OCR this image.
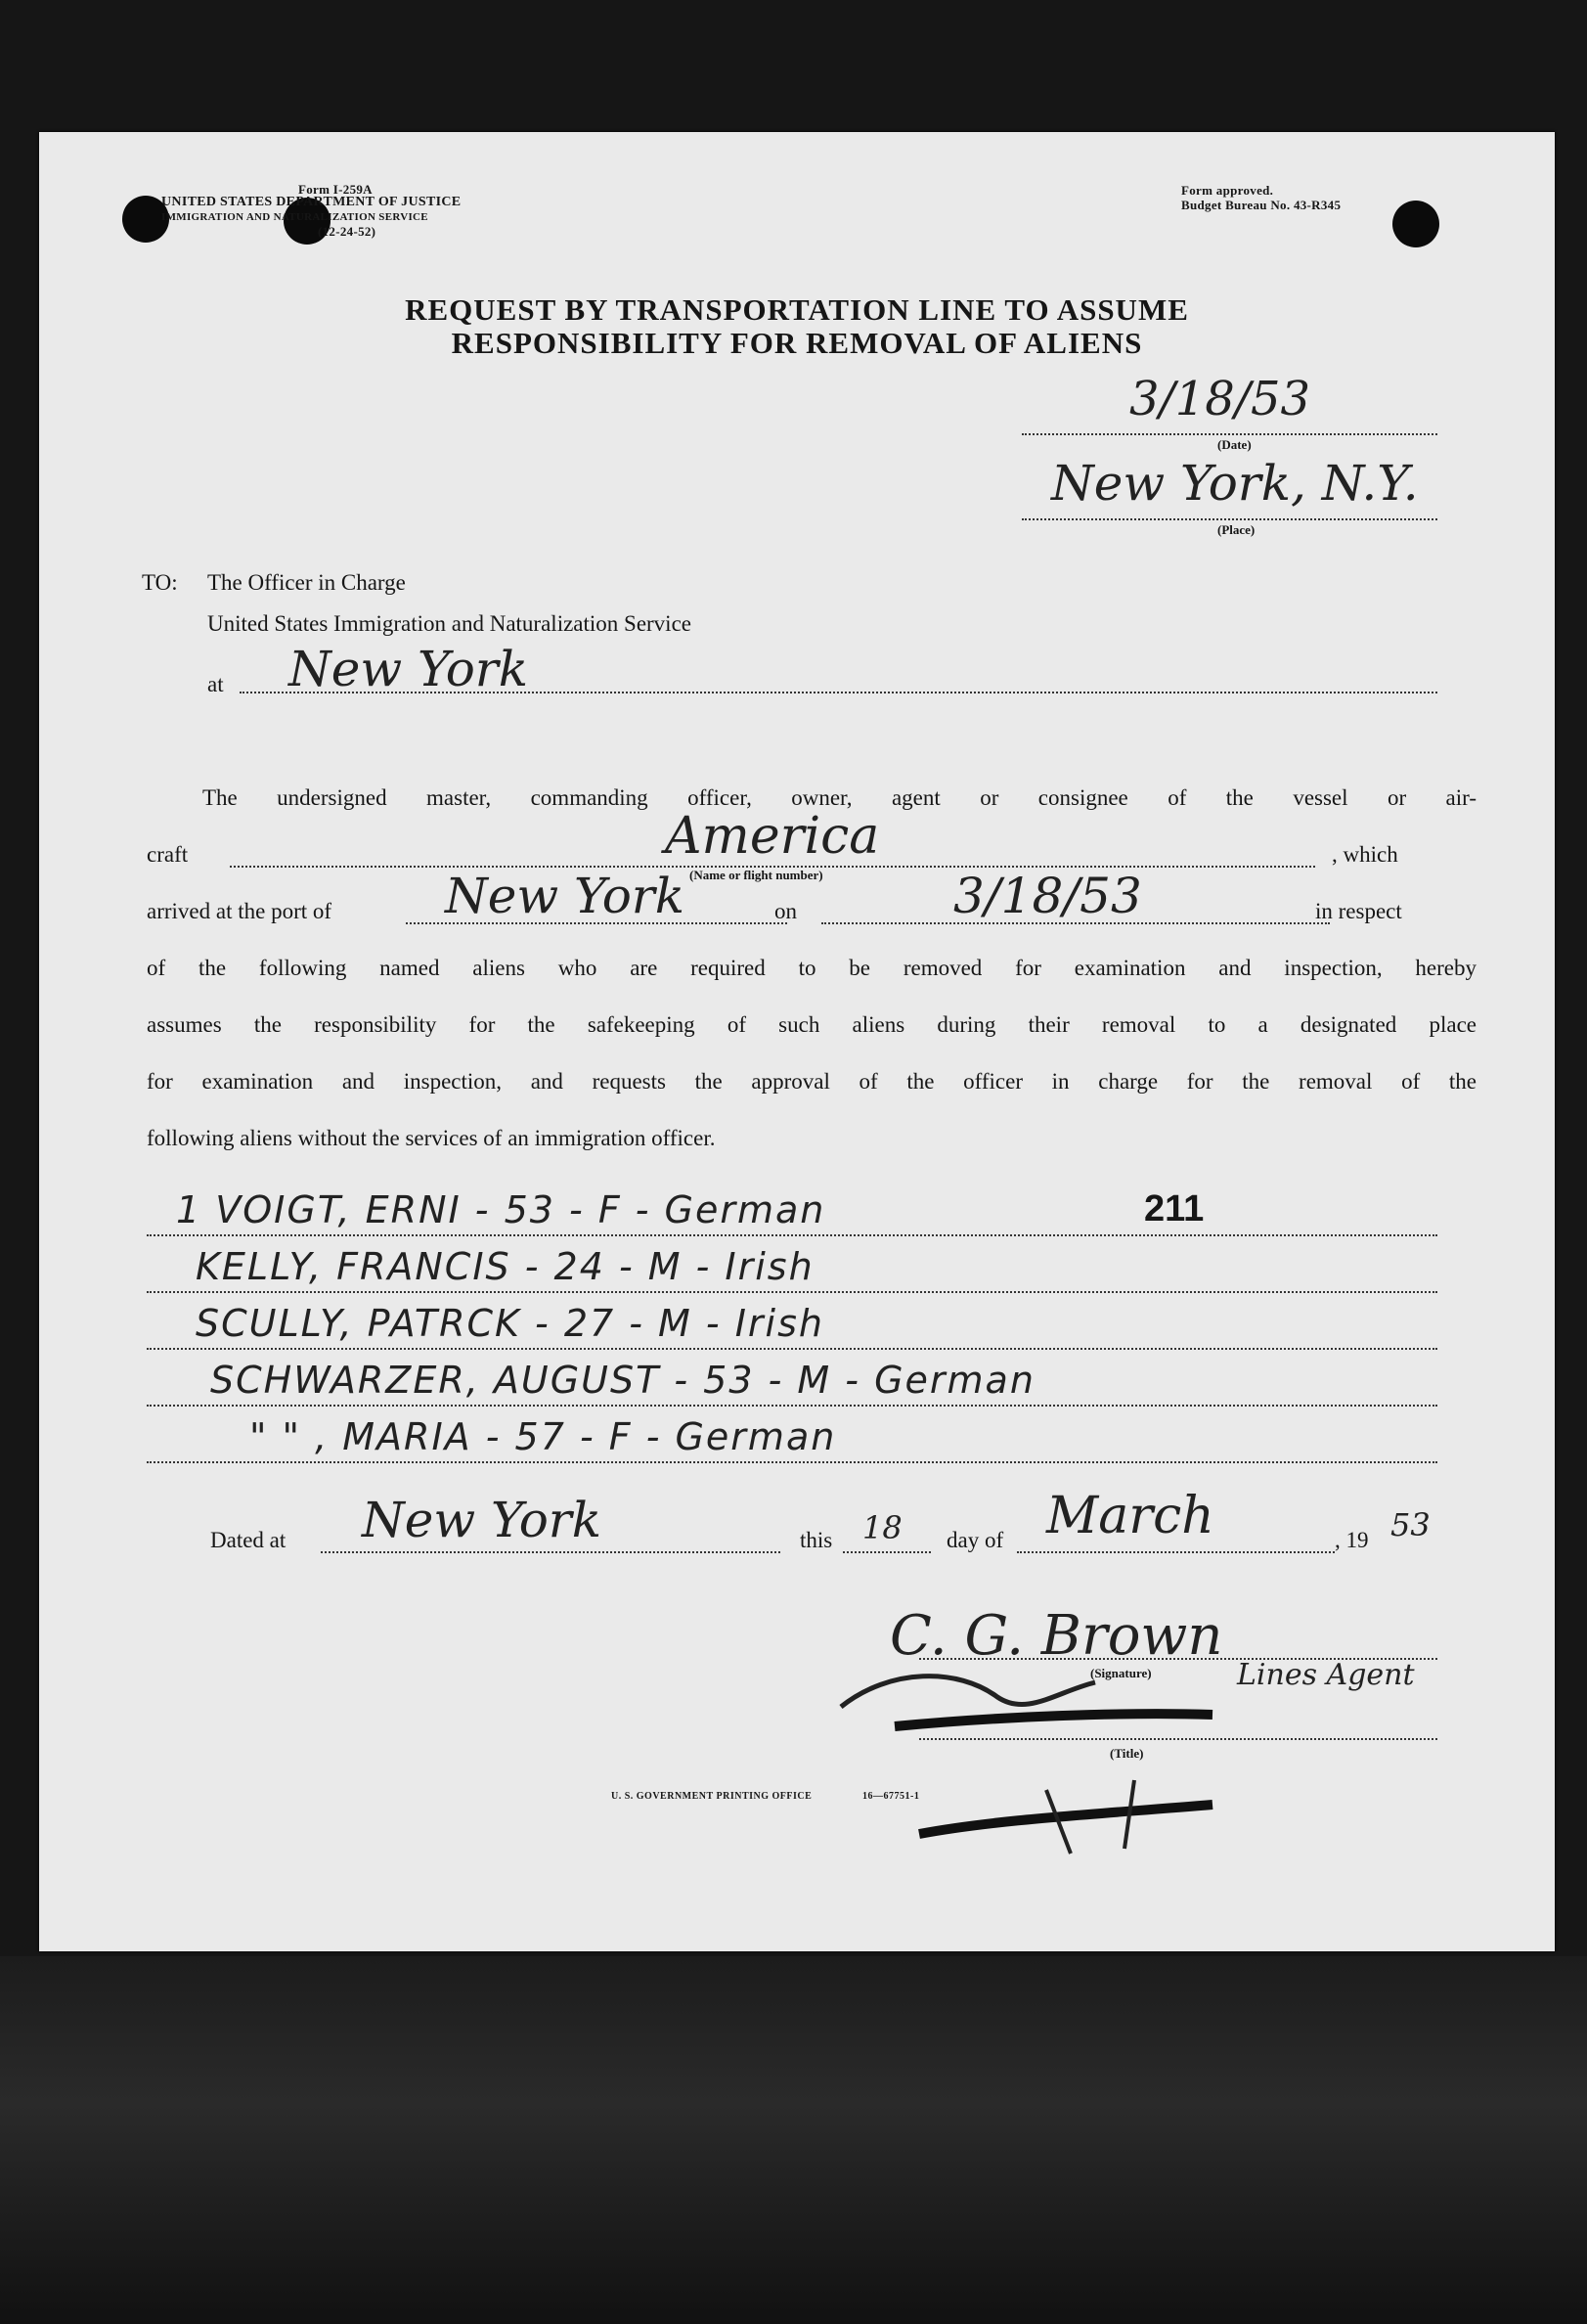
Form I-259A
UNITED STATES DEPARTMENT OF JUSTICE
IMMIGRATION AND NATURALIZATION SERVICE
(12-24-52)
Form approved.
Budget Bureau No. 43-R345
REQUEST BY TRANSPORTATION LINE TO ASSUME
RESPONSIBILITY FOR REMOVAL OF ALIENS
3/18/53
(Date)
New York, N.Y.
(Place)
TO: The Officer in Charge
United States Immigration and Naturalization Service
at New York
The undersigned master, commanding officer, owner, agent or consignee of the vessel or air-
craft	America
(Name or flight number)
, which
arrived at the port of New York	on	3/18/53	in respect
of the following named aliens who are required to be removed for examination and inspection, hereby
assumes the responsibility for the safekeeping of such aliens during their removal to a designated place
for examination and inspection, and requests the approval of the officer in charge for the removal of the
following aliens without the services of an immigration officer.
1 VOIGT, ERNI - 53 - F - German
KELLY, FRANCIS - 24 - M - Irish
SCULLY, PATRCK - 27 - M - Irish
SCHWARZER, AUGUST - 53 - M - German
" " , MARIA - 57 - F - German
211
Dated at New York	this 18 day of March	, 19 53
C. G. Brown
(Signature)	Lines Agent
(Title)
U. S. GOVERNMENT PRINTING OFFICE	16—67751-1
